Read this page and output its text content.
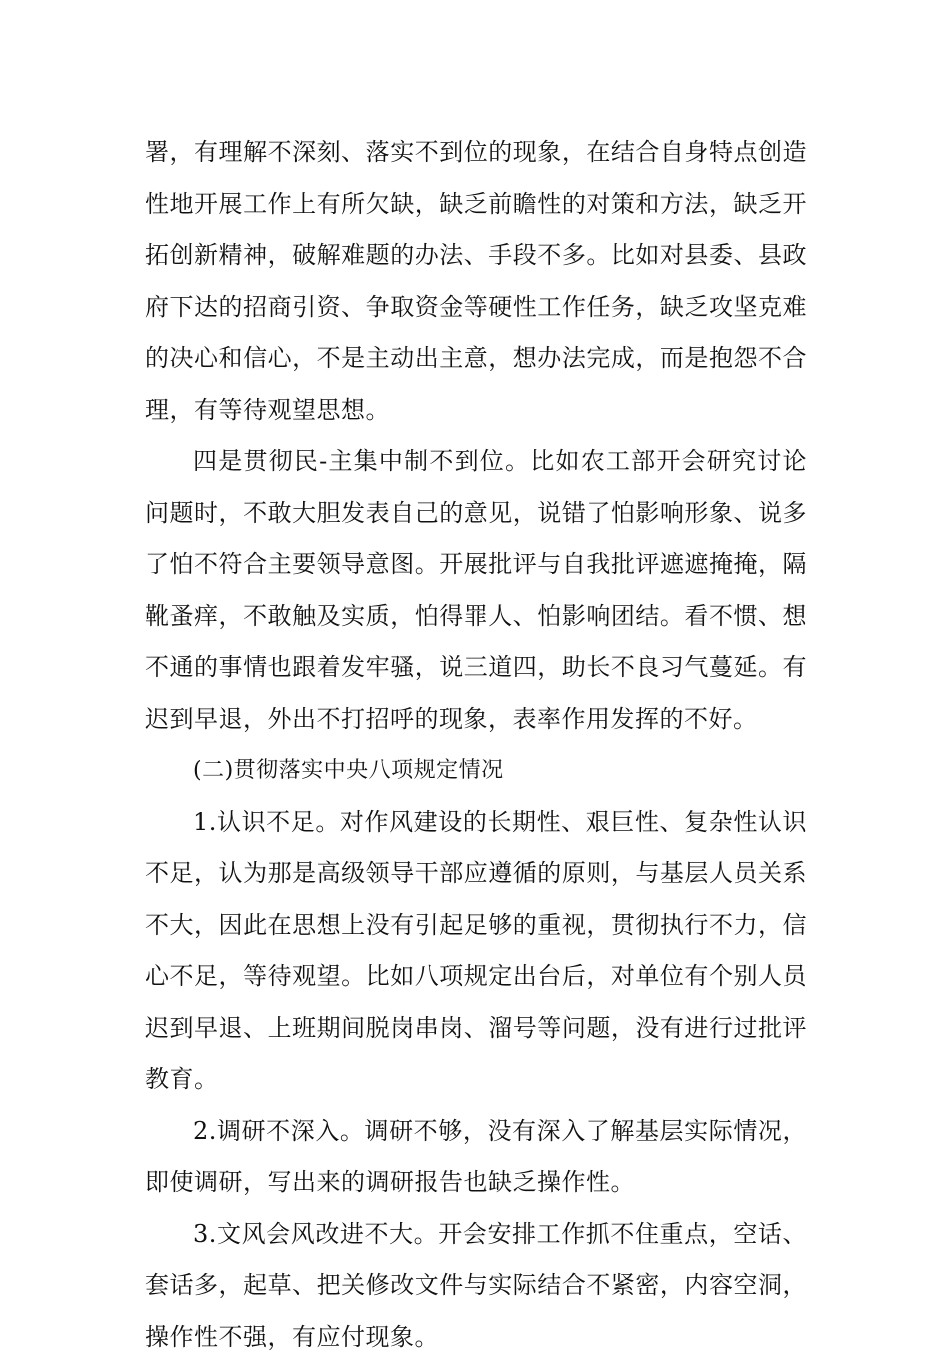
署，有理解不深刻、落实不到位的现象，在结合自身特点创造性地开展工作上有所欠缺，缺乏前瞻性的对策和方法，缺乏开拓创新精神，破解难题的办法、手段不多。比如对县委、县政府下达的招商引资、争取资金等硬性工作任务，缺乏攻坚克难的决心和信心，不是主动出主意，想办法完成，而是抱怨不合理，有等待观望思想。

四是贯彻民-主集中制不到位。比如农工部开会研究讨论问题时，不敢大胆发表自己的意见，说错了怕影响形象、说多了怕不符合主要领导意图。开展批评与自我批评遮遮掩掩，隔靴蚤痒，不敢触及实质，怕得罪人、怕影响团结。看不惯、想不通的事情也跟着发牢骚，说三道四，助长不良习气蔓延。有迟到早退，外出不打招呼的现象，表率作用发挥的不好。

(二)贯彻落实中央八项规定情况

1.认识不足。对作风建设的长期性、艰巨性、复杂性认识不足，认为那是高级领导干部应遵循的原则，与基层人员关系不大，因此在思想上没有引起足够的重视，贯彻执行不力，信心不足，等待观望。比如八项规定出台后，对单位有个别人员迟到早退、上班期间脱岗串岗、溜号等问题，没有进行过批评教育。

2.调研不深入。调研不够，没有深入了解基层实际情况，即使调研，写出来的调研报告也缺乏操作性。

3.文风会风改进不大。开会安排工作抓不住重点，空话、套话多，起草、把关修改文件与实际结合不紧密，内容空洞，操作性不强，有应付现象。
